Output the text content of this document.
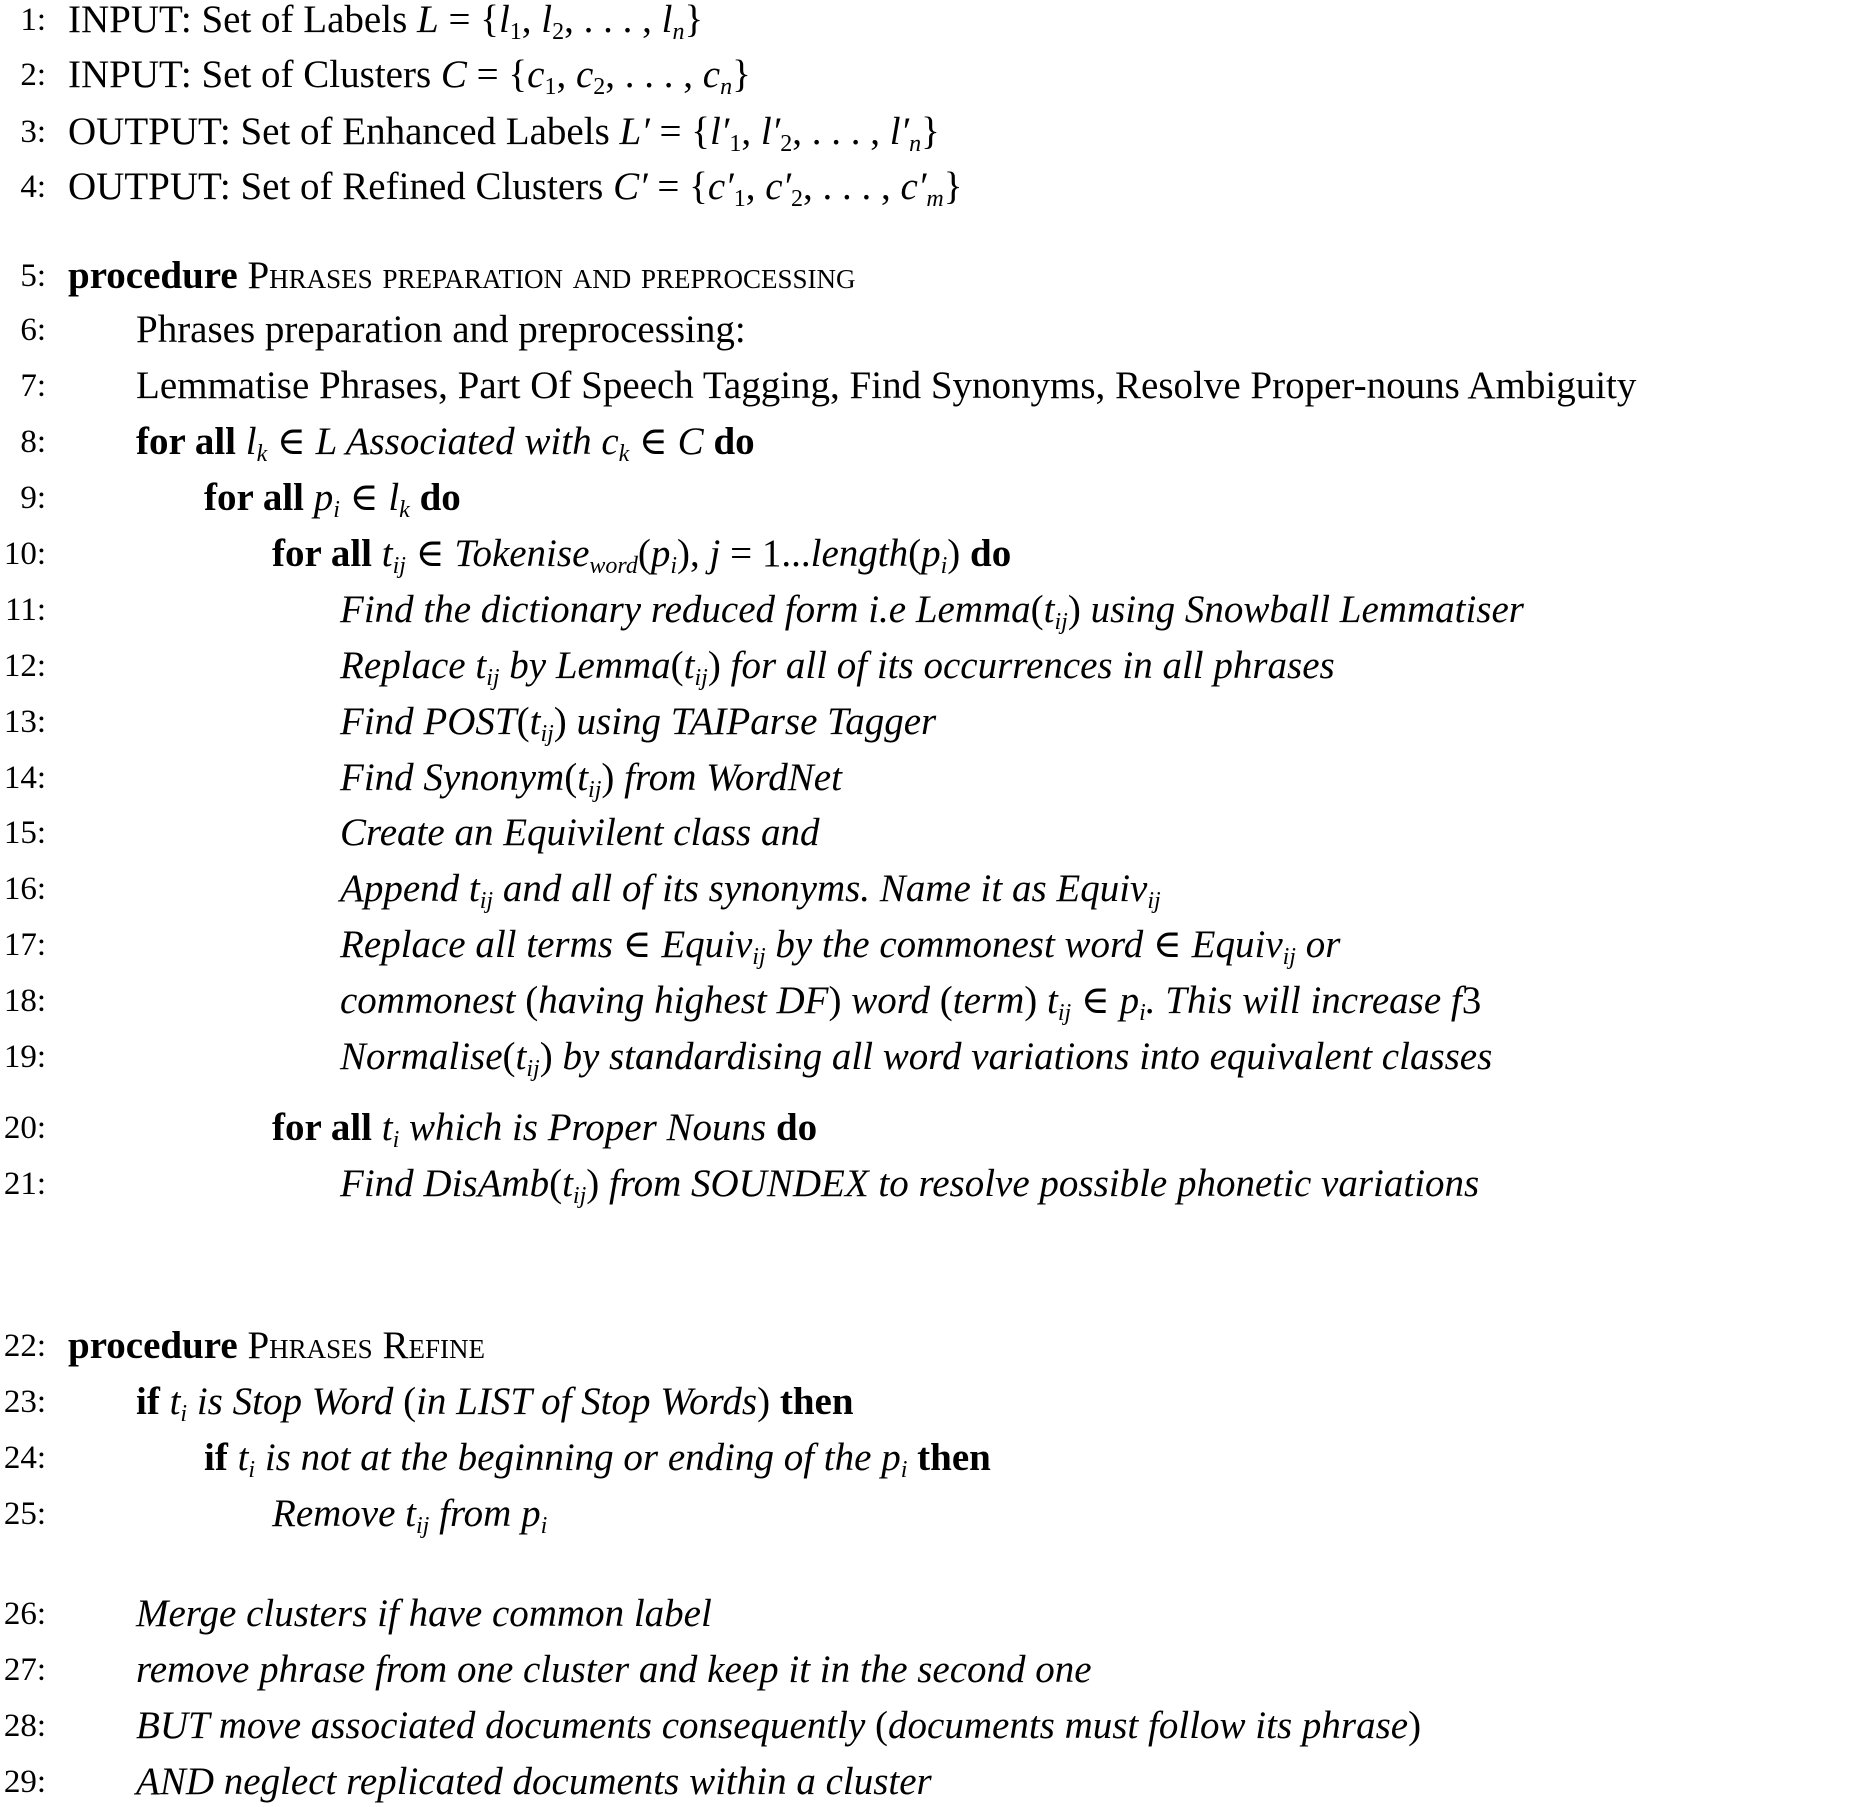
1: INPUT: Set of Labels $L = \{l_1$, $l_2$, . . . , $l_n$}
2: INPUT: Set of Clusters $C = \{c_1$, $c_2$, . . . , $c_n$}
3: OUTPUT: Set of Enhanced Labels $L' = \{l'_1$, $l'_2$, . . . , $l'_n$}
4: OUTPUT: Set of Refined Clusters $C' = \{c'_1$, $c'_2$, . . . , $c'_m$}
5: procedure Phrases preparation and preprocessing
6: Phrases preparation and preprocessing:
7: Lemmatise Phrases, Part Of Speech Tagging, Find Synonyms, Resolve Proper-nouns Ambiguity
8: for all $l_k$ ∈ L Associated with $c_k$ ∈ C do
9:	for all $p_i$ ∈ $l_k$ do
10:	for all $t_{ij}$ ∈ $Tokenise_{word}(p_i)$, $j = 1...length(p_i)$ do
11:	Find the dictionary reduced form i.e $Lemma(t_{ij})$ using Snowball Lemmatiser
12:	Replace $t_{ij}$ by $Lemma(t_{ij})$ for all of its occurrences in all phrases
13:	Find $POST(t_{ij})$ using TAIParse Tagger
14:	Find $Synonym(t_{ij})$ from WordNet
15:	Create an Equivilent class and
16:	Append $t_{ij}$ and all of its synonyms. Name it as Equiv$_{ij}$
17:	Replace all terms ∈ Equiv$_{ij}$ by the commonest word ∈ Equiv$_{ij}$ or
18:	commonest (having highest DF) word (term) $t_{ij}$ ∈ $p_i$. This will increase f3
19:	$Normalise(t_{ij})$ by standardising all word variations into equivalent classes
20:	for all $t_i$ which is Proper Nouns do
21:	Find $DisAmb(t_{ij})$ from SOUNDEX to resolve possible phonetic variations
22: procedure Phrases Refine
23: if $t_i$ is Stop Word (in LIST of Stop Words) then
24:	if $t_i$ is not at the beginning or ending of the $p_i$ then
25:	Remove $t_{ij}$ from $p_i$
26: Merge clusters if have common label
27: remove phrase from one cluster and keep it in the second one
28: BUT move associated documents consequently (documents must follow its phrase)
29: AND neglect replicated documents within a cluster
